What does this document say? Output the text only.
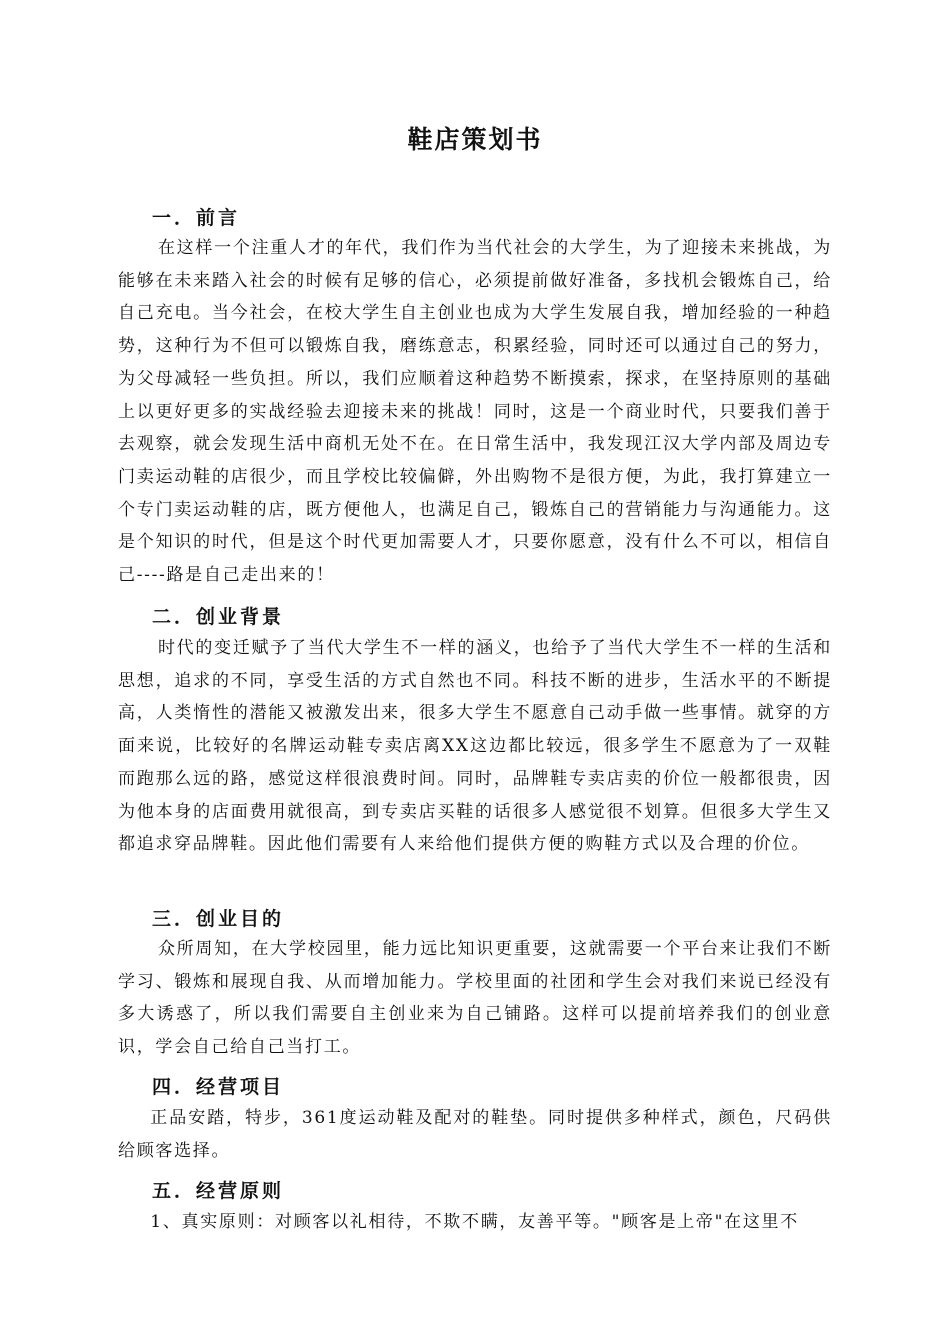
鞋店策划书
一．前言

在这样一个注重人才的年代，我们作为当代社会的大学生，为了迎接未来挑战，为能够在未来踏入社会的时候有足够的信心，必须提前做好准备，多找机会锻炼自己，给自己充电。当今社会，在校大学生自主创业也成为大学生发展自我，增加经验的一种趋势，这种行为不但可以锻炼自我，磨练意志，积累经验，同时还可以通过自己的努力，为父母减轻一些负担。所以，我们应顺着这种趋势不断摸索，探求，在坚持原则的基础上以更好更多的实战经验去迎接未来的挑战！同时，这是一个商业时代，只要我们善于去观察，就会发现生活中商机无处不在。在日常生活中，我发现江汉大学内部及周边专门卖运动鞋的店很少，而且学校比较偏僻，外出购物不是很方便，为此，我打算建立一个专门卖运动鞋的店，既方便他人，也满足自己，锻炼自己的营销能力与沟通能力。这是个知识的时代，但是这个时代更加需要人才，只要你愿意，没有什么不可以，相信自己----路是自己走出来的！

二．创业背景

时代的变迁赋予了当代大学生不一样的涵义，也给予了当代大学生不一样的生活和思想，追求的不同，享受生活的方式自然也不同。科技不断的进步，生活水平的不断提高，人类惰性的潜能又被激发出来，很多大学生不愿意自己动手做一些事情。就穿的方面来说，比较好的名牌运动鞋专卖店离XX这边都比较远，很多学生不愿意为了一双鞋而跑那么远的路，感觉这样很浪费时间。同时，品牌鞋专卖店卖的价位一般都很贵，因为他本身的店面费用就很高，到专卖店买鞋的话很多人感觉很不划算。但很多大学生又都追求穿品牌鞋。因此他们需要有人来给他们提供方便的购鞋方式以及合理的价位。

三．创业目的

众所周知，在大学校园里，能力远比知识更重要，这就需要一个平台来让我们不断学习、锻炼和展现自我、从而增加能力。学校里面的社团和学生会对我们来说已经没有多大诱惑了，所以我们需要自主创业来为自己铺路。这样可以提前培养我们的创业意识，学会自己给自己当打工。

四．经营项目

正品安踏，特步，361度运动鞋及配对的鞋垫。同时提供多种样式，颜色，尺码供给顾客选择。

五．经营原则

1、真实原则：对顾客以礼相待，不欺不瞒，友善平等。"顾客是上帝"在这里不
